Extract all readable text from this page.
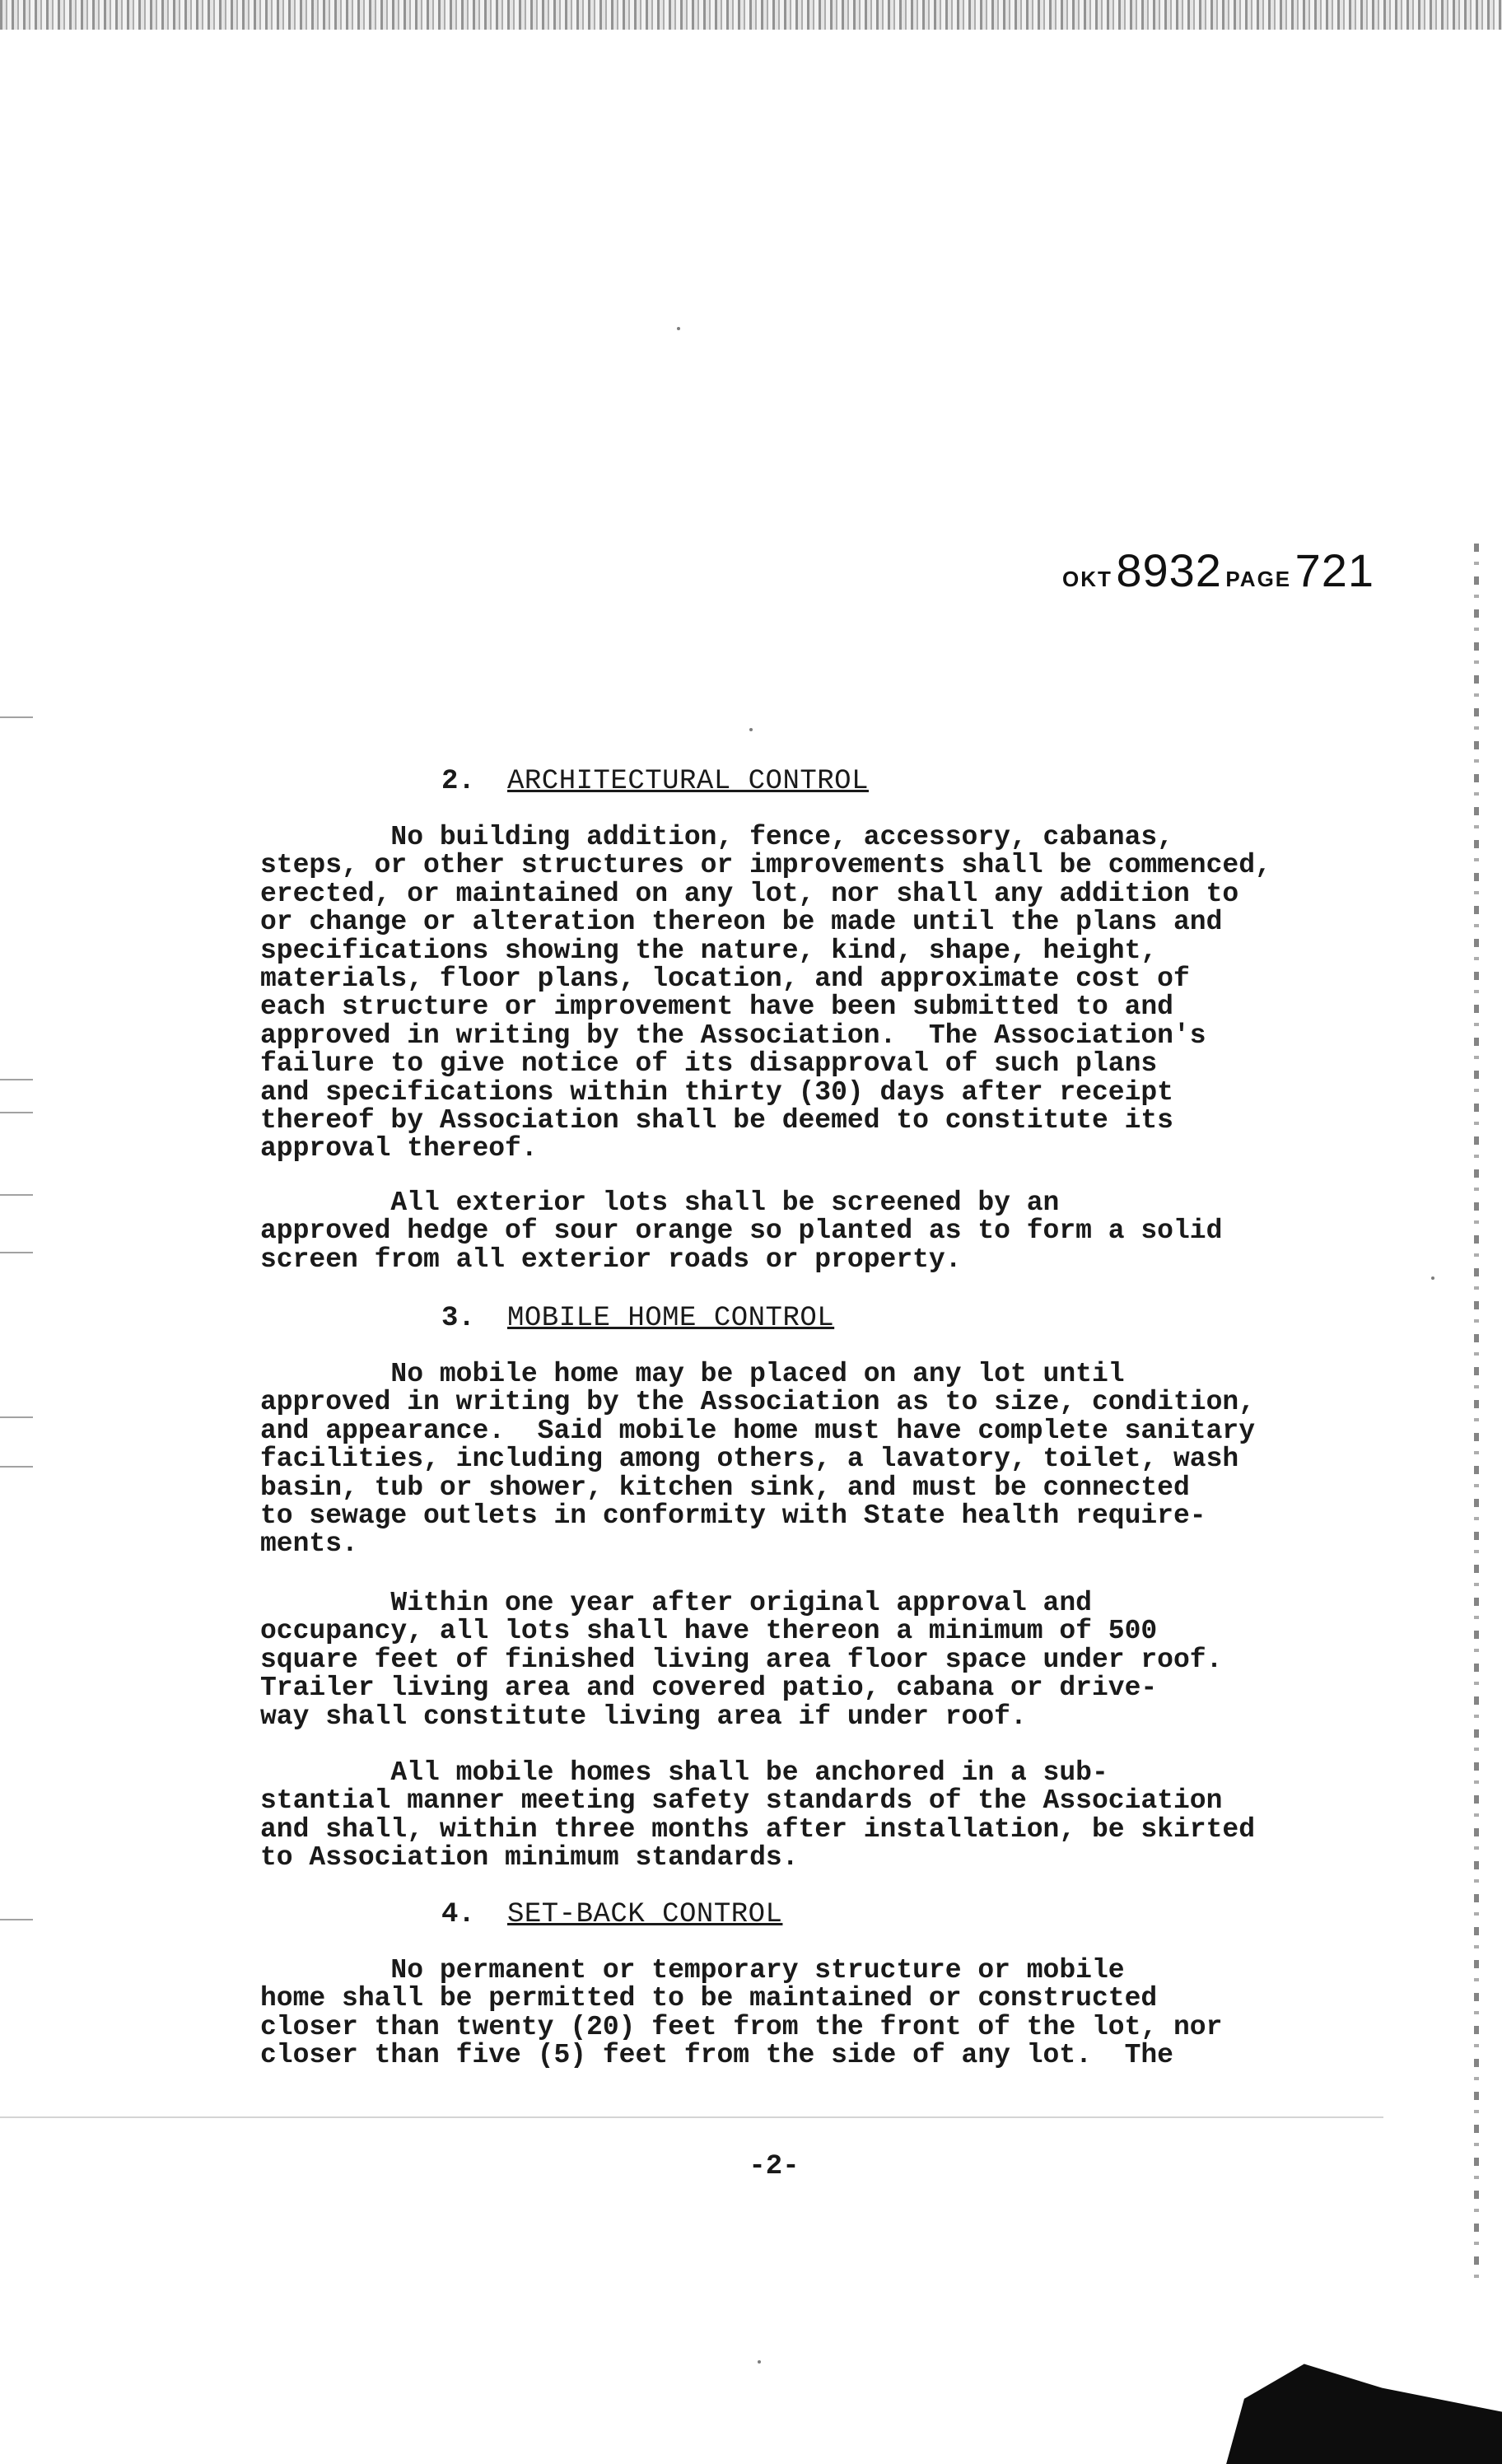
OKT 8932 PAGE 721
2. ARCHITECTURAL CONTROL

No building addition, fence, accessory, cabanas,
steps, or other structures or improvements shall be commenced,
erected, or maintained on any lot, nor shall any addition to
or change or alteration thereon be made until the plans and
specifications showing the nature, kind, shape, height,
materials, floor plans, location, and approximate cost of
each structure or improvement have been submitted to and
approved in writing by the Association.  The Association's
failure to give notice of its disapproval of such plans
and specifications within thirty (30) days after receipt
thereof by Association shall be deemed to constitute its
approval thereof.

All exterior lots shall be screened by an
approved hedge of sour orange so planted as to form a solid
screen from all exterior roads or property.

3. MOBILE HOME CONTROL

No mobile home may be placed on any lot until
approved in writing by the Association as to size, condition,
and appearance.  Said mobile home must have complete sanitary
facilities, including among others, a lavatory, toilet, wash
basin, tub or shower, kitchen sink, and must be connected
to sewage outlets in conformity with State health require-
ments.

Within one year after original approval and
occupancy, all lots shall have thereon a minimum of 500
square feet of finished living area floor space under roof.
Trailer living area and covered patio, cabana or drive-
way shall constitute living area if under roof.

All mobile homes shall be anchored in a sub-
stantial manner meeting safety standards of the Association
and shall, within three months after installation, be skirted
to Association minimum standards.

4. SET-BACK CONTROL

No permanent or temporary structure or mobile
home shall be permitted to be maintained or constructed
closer than twenty (20) feet from the front of the lot, nor
closer than five (5) feet from the side of any lot.  The

-2-
